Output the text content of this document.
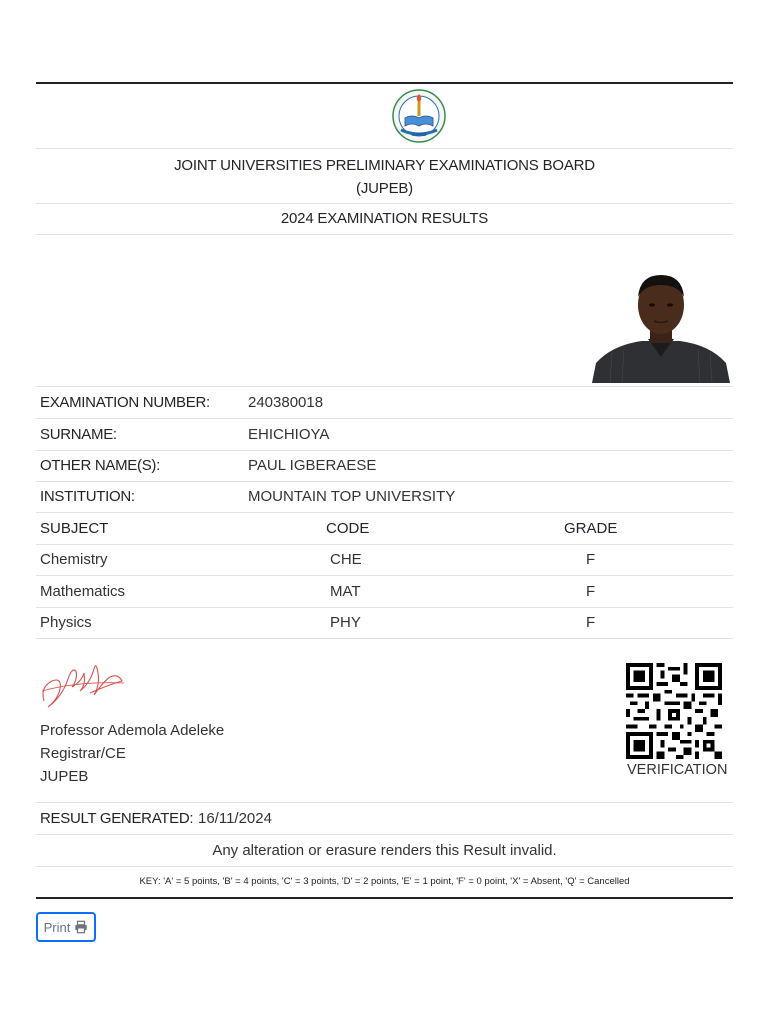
JUPEB
JOINT UNIVERSITIES PRELIMINARY EXAMINATIONS BOARD
(JUPEB)
2024 EXAMINATION RESULTS
EXAMINATION NUMBER:	240380018
SURNAME:	EHICHIOYA
OTHER NAME(S):	PAUL IGBERAESE
INSTITUTION:	MOUNTAIN TOP UNIVERSITY
SUBJECT	CODE	GRADE
Chemistry	CHE	F
Mathematics	MAT	F
Physics	PHY	F
Professor Ademola Adeleke
Registrar/CE
JUPEB	VERIFICATION
RESULT GENERATED: 16/11/2024
Any alteration or erasure renders this Result invalid.
KEY: 'A' = 5 points, 'B' = 4 points, 'C' = 3 points, 'D' = 2 points, 'E' = 1 point, 'F' = 0 point, 'X' = Absent, 'Q' = Cancelled
Print
